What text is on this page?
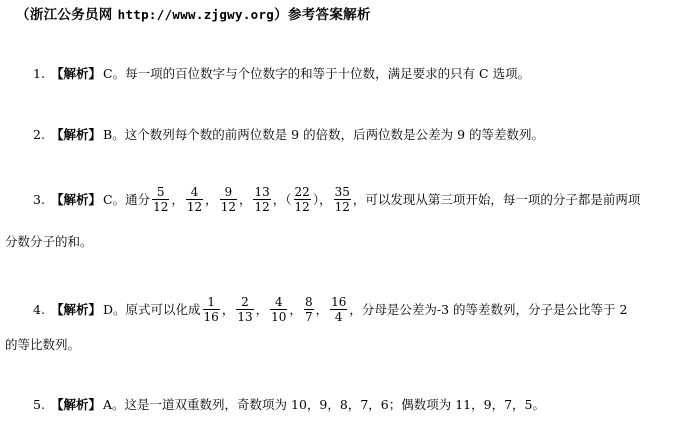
（浙江公务员网 http://www.zjgwy.org）参考答案解析
1. 【解析】 C。每一项的百位数字与个位数字的和等于十位数，满足要求的只有 C 选项。
2. 【解析】 B。这个数列每个数的前两位数是 9 的倍数，后两位数是公差为 9 的等差数列。
3. 【解析】 C。通分 $\frac{5}{12}$ ， $\frac{4}{12}$ ， $\frac{9}{12}$ ， $\frac{13}{12}$ ，（ $\frac{22}{12}$ ）， $\frac{35}{12}$ ，可以发现从第三项开始，每一项的分子都是前两项
分数分子的和。
4. 【解析】 D。原式可以化成 $\frac{1}{16}$ ， $\frac{2}{13}$ ， $\frac{4}{10}$ ， $\frac{8}{7}$ ， $\frac{16}{4}$ ，分母是公差为-3 的等差数列，分子是公比等于 2
的等比数列。
5. 【解析】 A。这是一道双重数列，奇数项为 10，9，8，7，6；偶数项为 11，9，7，5。
